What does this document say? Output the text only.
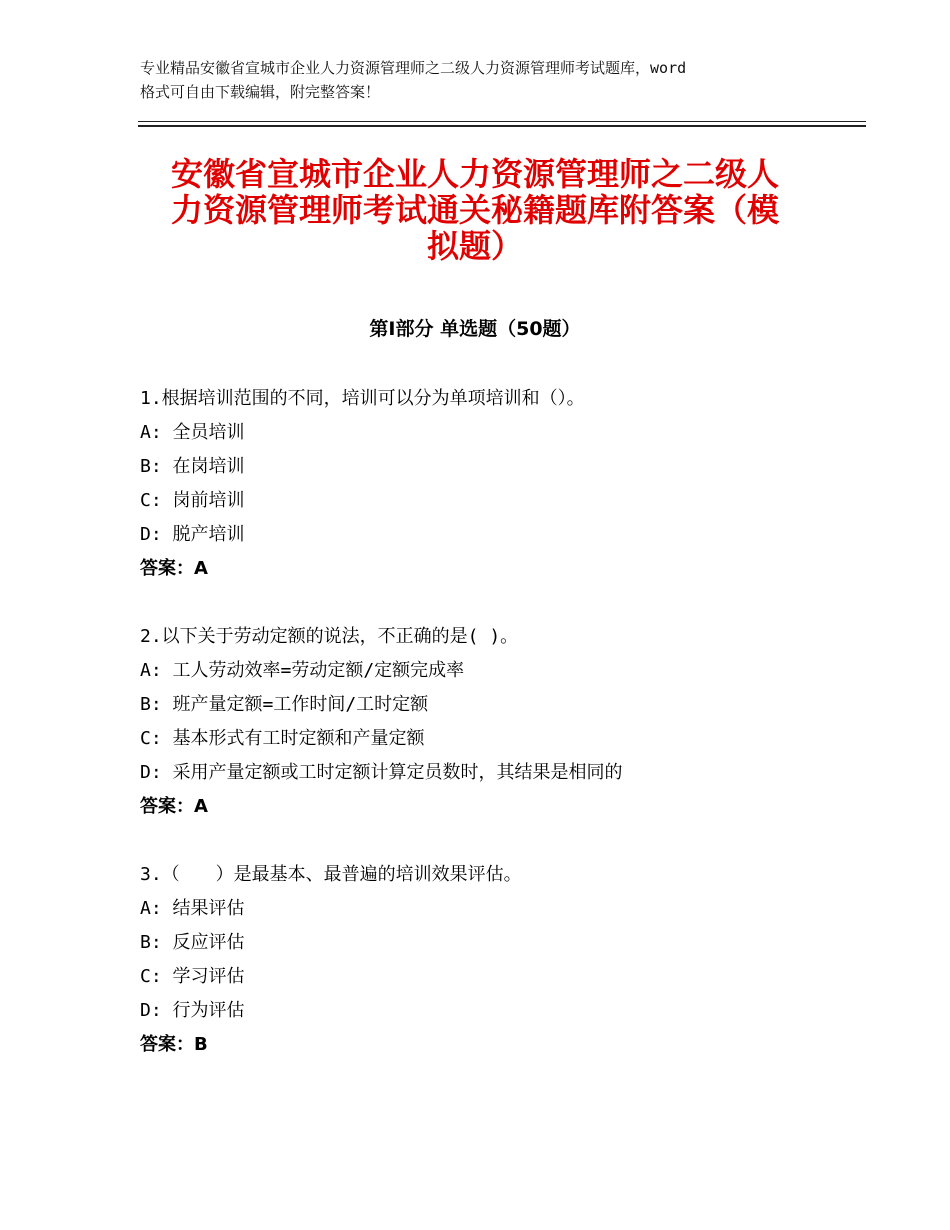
专业精品安徽省宣城市企业人力资源管理师之二级人力资源管理师考试题库，word
格式可自由下载编辑，附完整答案！
安徽省宣城市企业人力资源管理师之二级人
力资源管理师考试通关秘籍题库附答案（模
拟题）
第Ⅰ部分 单选题（50题）
1.根据培训范围的不同，培训可以分为单项培训和（）。
A: 全员培训
B: 在岗培训
C: 岗前培训
D: 脱产培训
答案：A
2.以下关于劳动定额的说法，不正确的是( )。
A: 工人劳动效率=劳动定额/定额完成率
B: 班产量定额=工作时间/工时定额
C: 基本形式有工时定额和产量定额
D: 采用产量定额或工时定额计算定员数时，其结果是相同的
答案：A
3.（　　）是最基本、最普遍的培训效果评估。
A: 结果评估
B: 反应评估
C: 学习评估
D: 行为评估
答案：B
